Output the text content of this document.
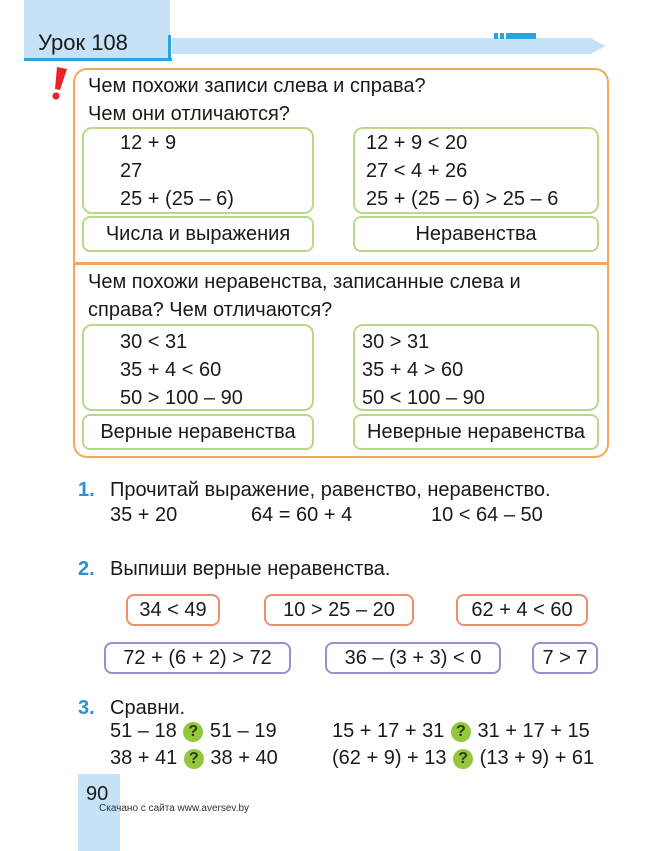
Урок 108
Чем похожи записи слева и справа?
Чем они отличаются?
12 + 9
27
25 + (25 – 6)
12 + 9 < 20
27 < 4 + 26
25 + (25 – 6) > 25 – 6
Числа и выражения	Неравенства
Чем похожи неравенства, записанные слева и
справа? Чем отличаются?
30 < 31
35 + 4 < 60
50 > 100 – 90
30 > 31
35 + 4 > 60
50 < 100 – 90
Верные неравенства	Неверные неравенства
1. Прочитай выражение, равенство, неравенство.
35 + 20	64 = 60 + 4	10 < 64 – 50
2. Выпиши верные неравенства.
34 < 49	10 > 25 – 20	62 + 4 < 60
72 + (6 + 2) > 72	36 – (3 + 3) < 0	7 > 7
3. Сравни.
51 – 18 ? 51 – 19	15 + 17 + 31 ? 31 + 17 + 15
38 + 41 ? 38 + 40	(62 + 9) + 13 ? (13 + 9) + 61
90
Скачано с сайта www.aversev.by
